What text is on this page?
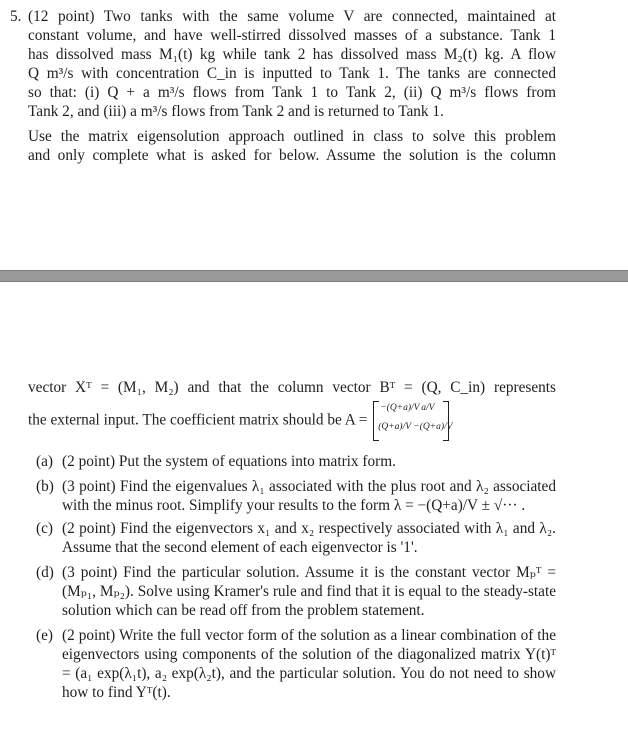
5. (12 point) Two tanks with the same volume V are connected, maintained at
constant volume, and have well-stirred dissolved masses of a substance. Tank 1
has dissolved mass M₁(t) kg while tank 2 has dissolved mass M₂(t) kg. A flow
Q m³/s with concentration C_in is inputted to Tank 1. The tanks are connected
so that: (i) Q + a m³/s flows from Tank 1 to Tank 2, (ii) Q m³/s flows from
Tank 2, and (iii) a m³/s flows from Tank 2 and is returned to Tank 1.
Use the matrix eigensolution approach outlined in class to solve this problem
and only complete what is asked for below. Assume the solution is the column
vector Xᵀ = (M₁, M₂) and that the column vector Bᵀ = (Q, C_in) represents
the external input. The coefficient matrix should be A =
−(Q+a)/V a/V
(Q+a)/V −(Q+a)/V
(a) (2 point) Put the system of equations into matrix form.
(b) (3 point) Find the eigenvalues λ₁ associated with the plus root and λ₂ associated with the minus root. Simplify your results to the form λ = −(Q+a)/V ± √··· .
(c) (2 point) Find the eigenvectors x₁ and x₂ respectively associated with λ₁ and λ₂. Assume that the second element of each eigenvector is '1'.
(d) (3 point) Find the particular solution. Assume it is the constant vector Mₚᵀ = (Mₚ₁, Mₚ₂). Solve using Kramer's rule and find that it is equal to the steady-state solution which can be read off from the problem statement.
(e) (2 point) Write the full vector form of the solution as a linear combination of the eigenvectors using components of the solution of the diagonalized matrix Y(t)ᵀ = (a₁ exp(λ₁t), a₂ exp(λ₂t), and the particular solution. You do not need to show how to find Yᵀ(t).
